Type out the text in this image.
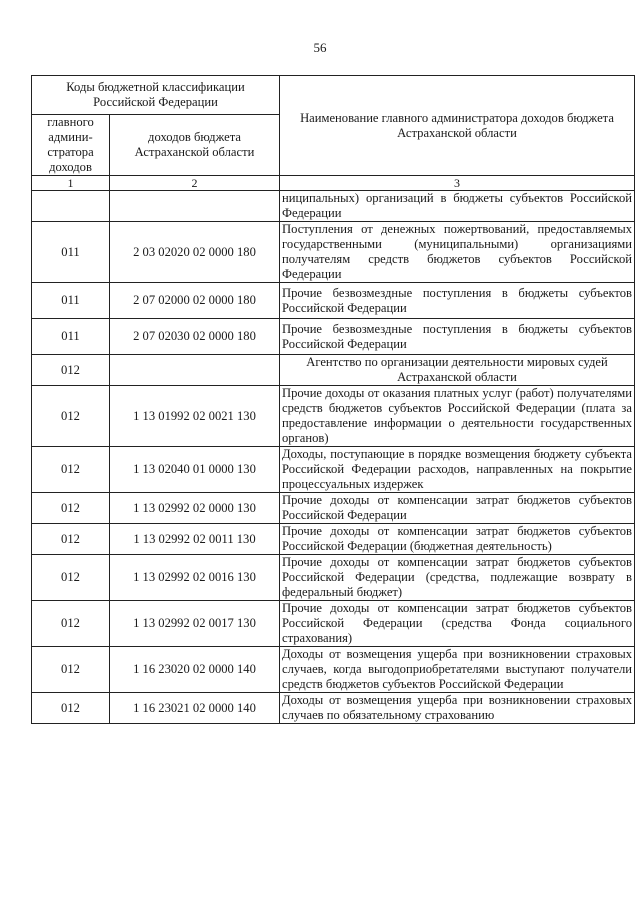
56
Коды бюджетной классификации Российской Федерации		Наименование главного администратора доходов бюджета Астраханской области
главного админи-стратора доходов	доходов бюджета Астраханской области	
1	2	3
		ниципальных) организаций в бюджеты субъектов Российской Федерации
011	2 03 02020 02 0000 180	Поступления от денежных пожертвований, предоставляемых государственными (муниципальными) организациями получателям средств бюджетов субъектов Российской Федерации
011	2 07 02000 02 0000 180	Прочие безвозмездные поступления в бюджеты субъектов Российской Федерации
011	2 07 02030 02 0000 180	Прочие безвозмездные поступления в бюджеты субъектов Российской Федерации
012		Агентство по организации деятельности мировых судей Астраханской области
012	1 13 01992 02 0021 130	Прочие доходы от оказания платных услуг (работ) получателями средств бюджетов субъектов Российской Федерации (плата за предоставление информации о деятельности государственных органов)
012	1 13 02040 01 0000 130	Доходы, поступающие в порядке возмещения бюджету субъекта Российской Федерации расходов, направленных на покрытие процессуальных издержек
012	1 13 02992 02 0000 130	Прочие доходы от компенсации затрат бюджетов субъектов Российской Федерации
012	1 13 02992 02 0011 130	Прочие доходы от компенсации затрат бюджетов субъектов Российской Федерации (бюджетная деятельность)
012	1 13 02992 02 0016 130	Прочие доходы от компенсации затрат бюджетов субъектов Российской Федерации (средства, подлежащие возврату в федеральный бюджет)
012	1 13 02992 02 0017 130	Прочие доходы от компенсации затрат бюджетов субъектов Российской Федерации (средства Фонда социального страхования)
012	1 16 23020 02 0000 140	Доходы от возмещения ущерба при возникновении страховых случаев, когда выгодоприобретателями выступают получатели средств бюджетов субъектов Российской Федерации
012	1 16 23021 02 0000 140	Доходы от возмещения ущерба при возникновении страховых случаев по обязательному страхованию
